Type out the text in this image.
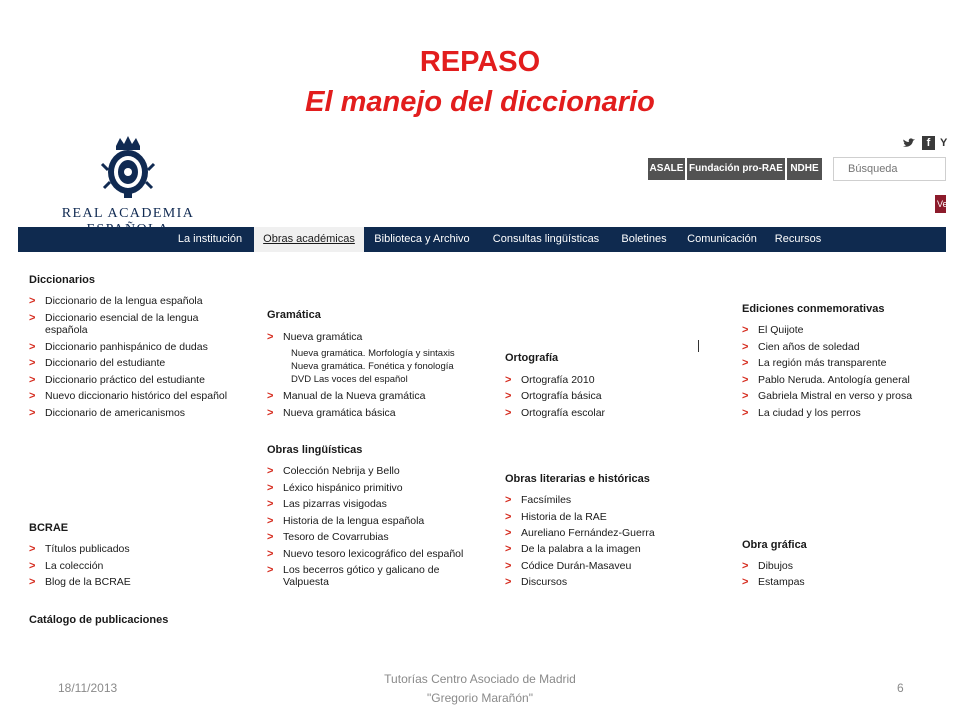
REPASO
El manejo del diccionario
REAL ACADEMIA
f Y
ASALE Fundación pro-RAE NDHE
Búsqueda
Ve
La institución	Obras académicas	Biblioteca y Archivo	Consultas lingüísticas	Boletines	Comunicación	Recursos
Diccionarios
> Diccionario de la lengua española
> Diccionario esencial de la lengua española
> Diccionario panhispánico de dudas
> Diccionario del estudiante
> Diccionario práctico del estudiante
> Nuevo diccionario histórico del español
> Diccionario de americanismos
BCRAE
> Títulos publicados
> La colección
> Blog de la BCRAE
Catálogo de publicaciones
Gramática
> Nueva gramática
Nueva gramática. Morfología y sintaxis
Nueva gramática. Fonética y fonología
DVD Las voces del español
> Manual de la Nueva gramática
> Nueva gramática básica
Obras lingüísticas
> Colección Nebrija y Bello
> Léxico hispánico primitivo
> Las pizarras visigodas
> Historia de la lengua española
> Tesoro de Covarrubias
> Nuevo tesoro lexicográfico del español
> Los becerros gótico y galicano de Valpuesta
Ortografía
> Ortografía 2010
> Ortografía básica
> Ortografía escolar
Obras literarias e históricas
> Facsímiles
> Historia de la RAE
> Aureliano Fernández-Guerra
> De la palabra a la imagen
> Códice Durán-Masaveu
> Discursos
Ediciones conmemorativas
> El Quijote
> Cien años de soledad
> La región más transparente
> Pablo Neruda. Antología general
> Gabriela Mistral en verso y prosa
> La ciudad y los perros
Obra gráfica
> Dibujos
> Estampas
18/11/2013
Tutorías Centro Asociado de Madrid
"Gregorio Marañón"
6
